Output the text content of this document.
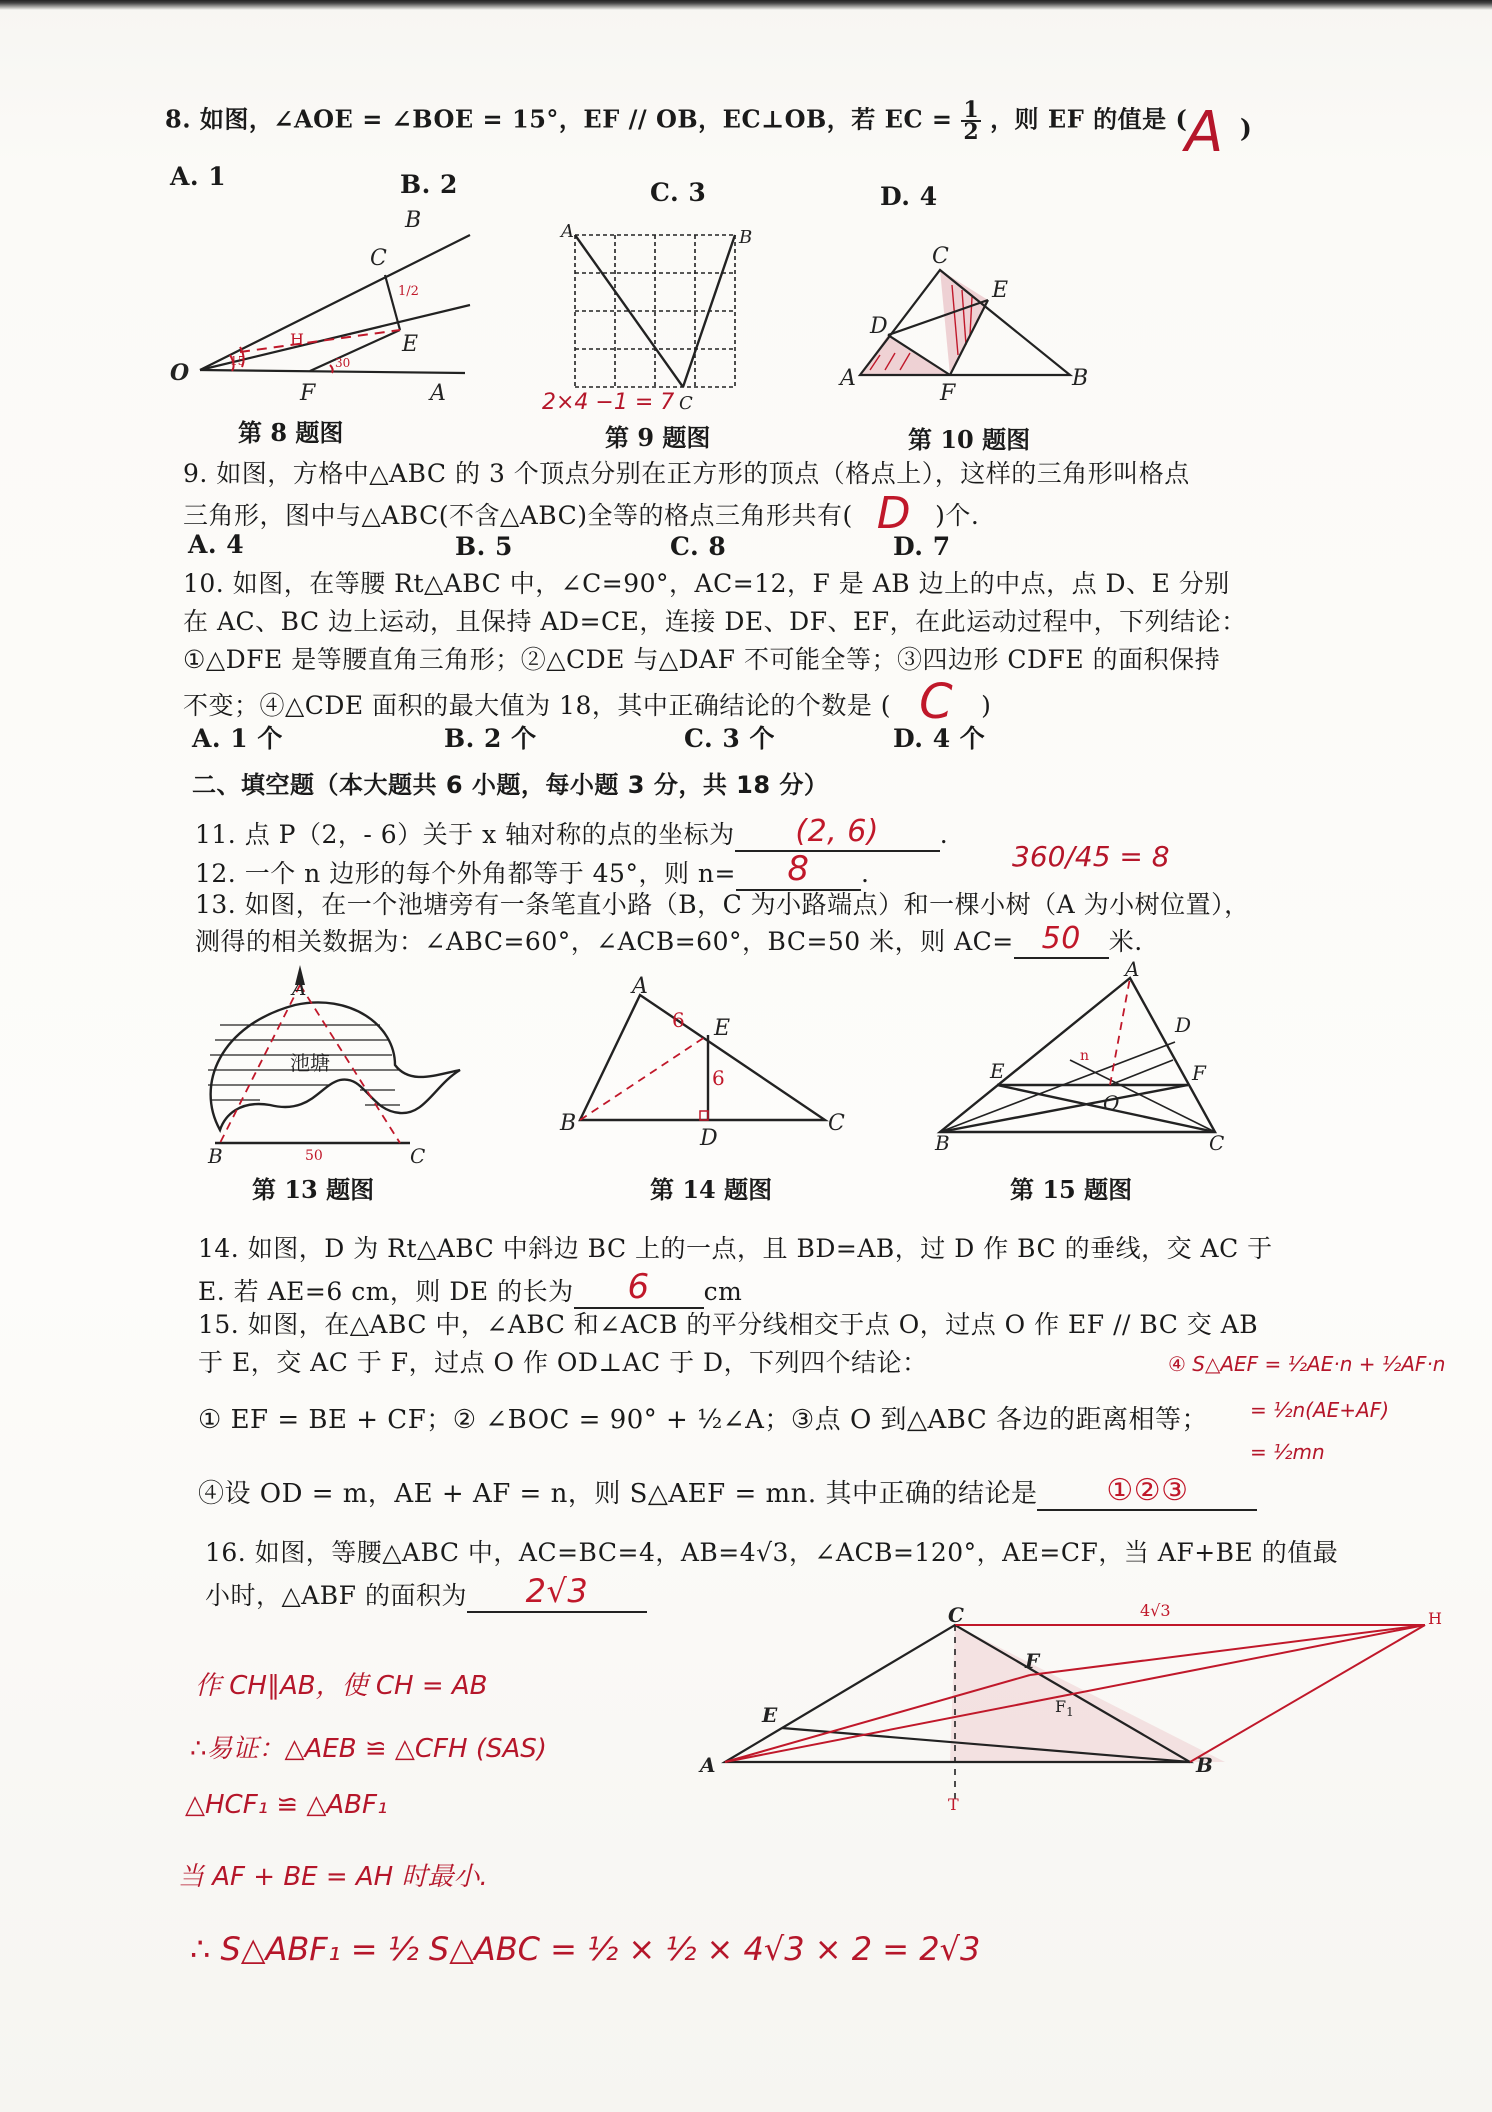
8. 如图，∠AOE = ∠BOE = 15°，EF // OB，EC⊥OB，若 EC = $\frac{1}{2}$ ，则 EF 的值是 (
A )
A. 1	B. 2	C. 3	D. 4
O
C
B
E
F	A
H
1/2
15	30
第 8 题图
A	B
C
2×4 −1 = 7
第 9 题图
A
C
D
E
F
B
第 10 题图
9. 如图，方格中△ABC 的 3 个顶点分别在正方形的顶点（格点上），这样的三角形叫格点
三角形，图中与△ABC(不含△ABC)全等的格点三角形共有( D )个.
A. 4	B. 5	C. 8	D. 7
10. 如图，在等腰 Rt△ABC 中，∠C=90°，AC=12，F 是 AB 边上的中点，点 D、E 分别
在 AC、BC 边上运动，且保持 AD=CE，连接 DE、DF、EF，在此运动过程中，下列结论：
①△DFE 是等腰直角三角形；②△CDE 与△DAF 不可能全等；③四边形 CDFE 的面积保持
不变；④△CDE 面积的最大值为 18，其中正确结论的个数是 ( C )
A. 1 个	B. 2 个	C. 3 个	D. 4 个
二、填空题（本大题共 6 小题，每小题 3 分，共 18 分）
11. 点 P（2，- 6）关于 x 轴对称的点的坐标为 (2, 6) .
12. 一个 n 边形的每个外角都等于 45°，则 n= 8 .
360/45 = 8
13. 如图，在一个池塘旁有一条笔直小路（B，C 为小路端点）和一棵小树（A 为小树位置），
测得的相关数据为：∠ABC=60°，∠ACB=60°，BC=50 米，则 AC= 50 米.
A
池塘
B	C
50
第 13 题图
A
E
B
D
C
6
6
第 14 题图
A
D
E	F
O
B	C
n
第 15 题图
14. 如图，D 为 Rt△ABC 中斜边 BC 上的一点，且 BD=AB，过 D 作 BC 的垂线，交 AC 于
E. 若 AE=6 cm，则 DE 的长为 6 cm
15. 如图，在△ABC 中，∠ABC 和∠ACB 的平分线相交于点 O，过点 O 作 EF // BC 交 AB
于 E，交 AC 于 F，过点 O 作 OD⊥AC 于 D，下列四个结论：
① EF = BE + CF；② ∠BOC = 90° + ½∠A；③点 O 到△ABC 各边的距离相等；
④设 OD = m，AE + AF = n，则 S△AEF = mn. 其中正确的结论是 ①②③
④ S△AEF = ½AE·n + ½AF·n
= ½n(AE+AF)
= ½mn
16. 如图，等腰△ABC 中，AC=BC=4，AB=4√3，∠ACB=120°，AE=CF，当 AF+BE 的值最
小时，△ABF 的面积为 2√3
C
F
E
A	B
$F_1$
H
T
4√3
作 CH∥AB，使 CH = AB
∴易证：△AEB ≌ △CFH (SAS)
△HCF₁ ≌ △ABF₁
当 AF + BE = AH 时最小.
∴ S△ABF₁ = ½ S△ABC = ½ × ½ × 4√3 × 2 = 2√3
